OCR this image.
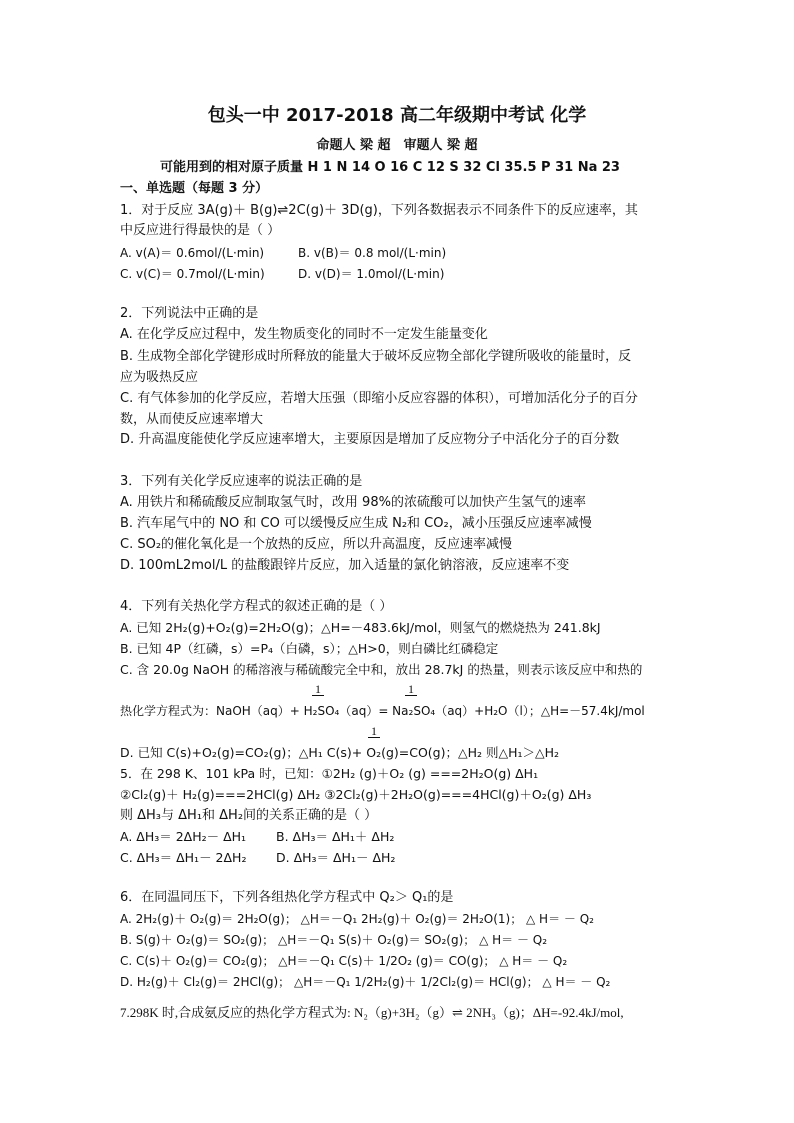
包头一中 2017-2018 高二年级期中考试 化学
命题人 梁 超　审题人 梁 超
可能用到的相对原子质量 H 1 N 14 O 16 C 12 S 32 Cl 35.5 P 31 Na 23
一、单选题（每题 3 分）
1．对于反应 3A(g)＋ B(g)⇌2C(g)＋ 3D(g)，下列各数据表示不同条件下的反应速率，其
中反应进行得最快的是（ ）
A. v(A)＝ 0.6mol/(L·min)	B. v(B)＝ 0.8 mol/(L·min)
C. v(C)＝ 0.7mol/(L·min)	D. v(D)＝ 1.0mol/(L·min)
2．下列说法中正确的是
A. 在化学反应过程中，发生物质变化的同时不一定发生能量变化
B. 生成物全部化学键形成时所释放的能量大于破坏反应物全部化学键所吸收的能量时，反
应为吸热反应
C. 有气体参加的化学反应，若增大压强（即缩小反应容器的体积），可增加活化分子的百分
数，从而使反应速率增大
D. 升高温度能使化学反应速率增大，主要原因是增加了反应物分子中活化分子的百分数
3．下列有关化学反应速率的说法正确的是
A. 用铁片和稀硫酸反应制取氢气时，改用 98%的浓硫酸可以加快产生氢气的速率
B. 汽车尾气中的 NO 和 CO 可以缓慢反应生成 N₂和 CO₂，减小压强反应速率减慢
C. SO₂的催化氧化是一个放热的反应，所以升高温度，反应速率减慢
D. 100mL2mol/L 的盐酸跟锌片反应，加入适量的氯化钠溶液，反应速率不变
4．下列有关热化学方程式的叙述正确的是（ ）
A. 已知 2H₂(g)+O₂(g)=2H₂O(g)；△H=－483.6kJ/mol，则氢气的燃烧热为 241.8kJ
B. 已知 4P（红磷，s）=P₄（白磷，s）；△H>0，则白磷比红磷稳定
C. 含 20.0g NaOH 的稀溶液与稀硫酸完全中和，放出 28.7kJ 的热量，则表示该反应中和热的
1	1
热化学方程式为：NaOH（aq）+ H₂SO₄（aq）= Na₂SO₄（aq）+H₂O（l）；△H=－57.4kJ/mol
1
D. 已知 C(s)+O₂(g)=CO₂(g)；△H₁ C(s)+ O₂(g)=CO(g)；△H₂ 则△H₁＞△H₂
5．在 298 K、101 kPa 时，已知：①2H₂ (g)＋O₂ (g) ===2H₂O(g) ΔH₁
②Cl₂(g)＋ H₂(g)===2HCl(g) ΔH₂ ③2Cl₂(g)＋2H₂O(g)===4HCl(g)＋O₂(g) ΔH₃
则 ΔH₃与 ΔH₁和 ΔH₂间的关系正确的是（ ）
A. ΔH₃＝ 2ΔH₂－ ΔH₁ B. ΔH₃＝ ΔH₁＋ ΔH₂
C. ΔH₃＝ ΔH₁－ 2ΔH₂ D. ΔH₃＝ ΔH₁－ ΔH₂
6．在同温同压下，下列各组热化学方程式中 Q₂＞ Q₁的是
A. 2H₂(g)＋ O₂(g)＝ 2H₂O(g)； △H＝－Q₁ 2H₂(g)＋ O₂(g)＝ 2H₂O(1)； △ H＝ － Q₂
B. S(g)＋ O₂(g)＝ SO₂(g)； △H＝－Q₁ S(s)＋ O₂(g)＝ SO₂(g)； △ H＝ － Q₂
C. C(s)＋ O₂(g)＝ CO₂(g)； △H＝－Q₁ C(s)＋ 1/2O₂ (g)＝ CO(g)； △ H＝ － Q₂
D. H₂(g)＋ Cl₂(g)＝ 2HCl(g)； △H＝－Q₁ 1/2H₂(g)＋ 1/2Cl₂(g)＝ HCl(g)； △ H＝ － Q₂
7.298K 时,合成氨反应的热化学方程式为: N₂（g)+3H₂（g）⇌ 2NH₃（g)；ΔH=-92.4kJ/mol,
